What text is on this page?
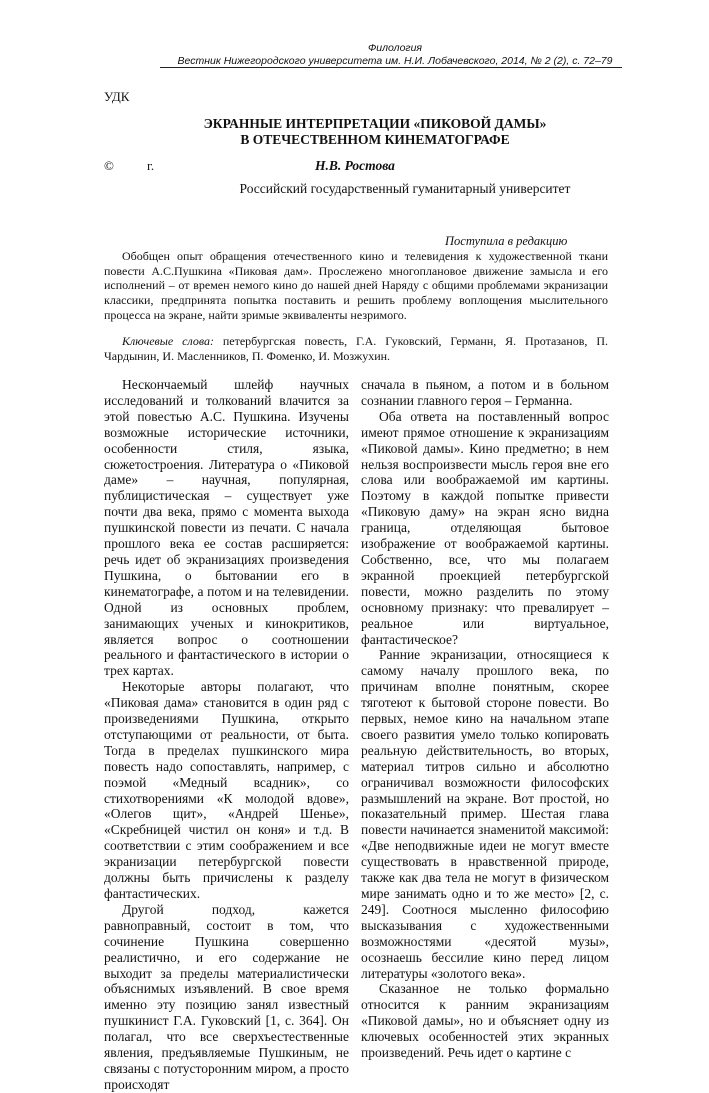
Филология
Вестник Нижегородского университета им. Н.И. Лобачевского, 2014, № 2 (2), с. 72–79
УДК
ЭКРАННЫЕ ИНТЕРПРЕТАЦИИ «ПИКОВОЙ ДАМЫ»
В ОТЕЧЕСТВЕННОМ КИНЕМАТОГРАФЕ
©	г.	Н.В. Ростова
Российский государственный гуманитарный университет
Поступила в редакцию
Обобщен опыт обращения отечественного кино и телевидения к художественной ткани повести А.С.Пушкина «Пиковая дам». Прослежено многоплановое движение замысла и его исполнений – от времен немого кино до нашей дней Наряду с общими проблемами экранизации классики, предпринята попытка поставить и решить проблему воплощения мыслительного процесса на экране, найти зримые эквиваленты незримого.
Ключевые слова: петербургская повесть, Г.А. Гуковский, Германн, Я. Протазанов, П. Чардынин, И. Масленников, П. Фоменко, И. Мозжухин.

Нескончаемый шлейф научных исследований и толкований влачится за этой повестью А.С. Пушкина. Изучены возможные исторические источники, особенности стиля, языка, сюжетостроения. Литература о «Пиковой даме» – научная, популярная, публицистическая – существует уже почти два века, прямо с момента выхода пушкинской повести из печати. С начала прошлого века ее состав расширяется: речь идет об экранизациях произведения Пушкина, о бытовании его в кинематографе, а потом и на телевидении. Одной из основных проблем, занимающих ученых и кинокритиков, является вопрос о соотношении реального и фантастического в истории о трех картах.

Некоторые авторы полагают, что «Пиковая дама» становится в один ряд с произведениями Пушкина, открыто отступающими от реальности, от быта. Тогда в пределах пушкинского мира повесть надо сопоставлять, например, с поэмой «Медный всадник», со стихотворениями «К молодой вдове», «Олегов щит», «Андрей Шенье», «Скребницей чистил он коня» и т.д. В соответствии с этим соображением и все экранизации петербургской повести должны быть причислены к разделу фантастических.

Другой подход, кажется равноправный, состоит в том, что сочинение Пушкина совершенно реалистично, и его содержание не выходит за пределы материалистически объяснимых изъявлений. В свое время именно эту позицию занял известный пушкинист Г.А. Гуковский [1, с. 364]. Он полагал, что все сверхъестественные явления, предъявляемые Пушкиным, не связаны с потусторонним миром, а просто происходят

сначала в пьяном, а потом и в больном сознании главного героя – Германна.

Оба ответа на поставленный вопрос имеют прямое отношение к экранизациям «Пиковой дамы». Кино предметно; в нем нельзя воспроизвести мысль героя вне его слова или воображаемой им картины. Поэтому в каждой попытке привести «Пиковую даму» на экран ясно видна граница, отделяющая бытовое изображение от воображаемой картины. Собственно, все, что мы полагаем экранной проекцией петербургской повести, можно разделить по этому основному признаку: что превалирует – реальное или виртуальное, фантастическое?

Ранние экранизации, относящиеся к самому началу прошлого века, по причинам вполне понятным, скорее тяготеют к бытовой стороне повести. Во первых, немое кино на начальном этапе своего развития умело только копировать реальную действительность, во вторых, материал титров сильно и абсолютно ограничивал возможности философских размышлений на экране. Вот простой, но показательный пример. Шестая глава повести начинается знаменитой максимой: «Две неподвижные идеи не могут вместе существовать в нравственной природе, также как два тела не могут в физическом мире занимать одно и то же место» [2, с. 249]. Соотнося мысленно философию высказывания с художественными возможностями «десятой музы», осознаешь бессилие кино перед лицом литературы «золотого века».

Сказанное не только формально относится к ранним экранизациям «Пиковой дамы», но и объясняет одну из ключевых особенностей этих экранных произведений. Речь идет о картине с
